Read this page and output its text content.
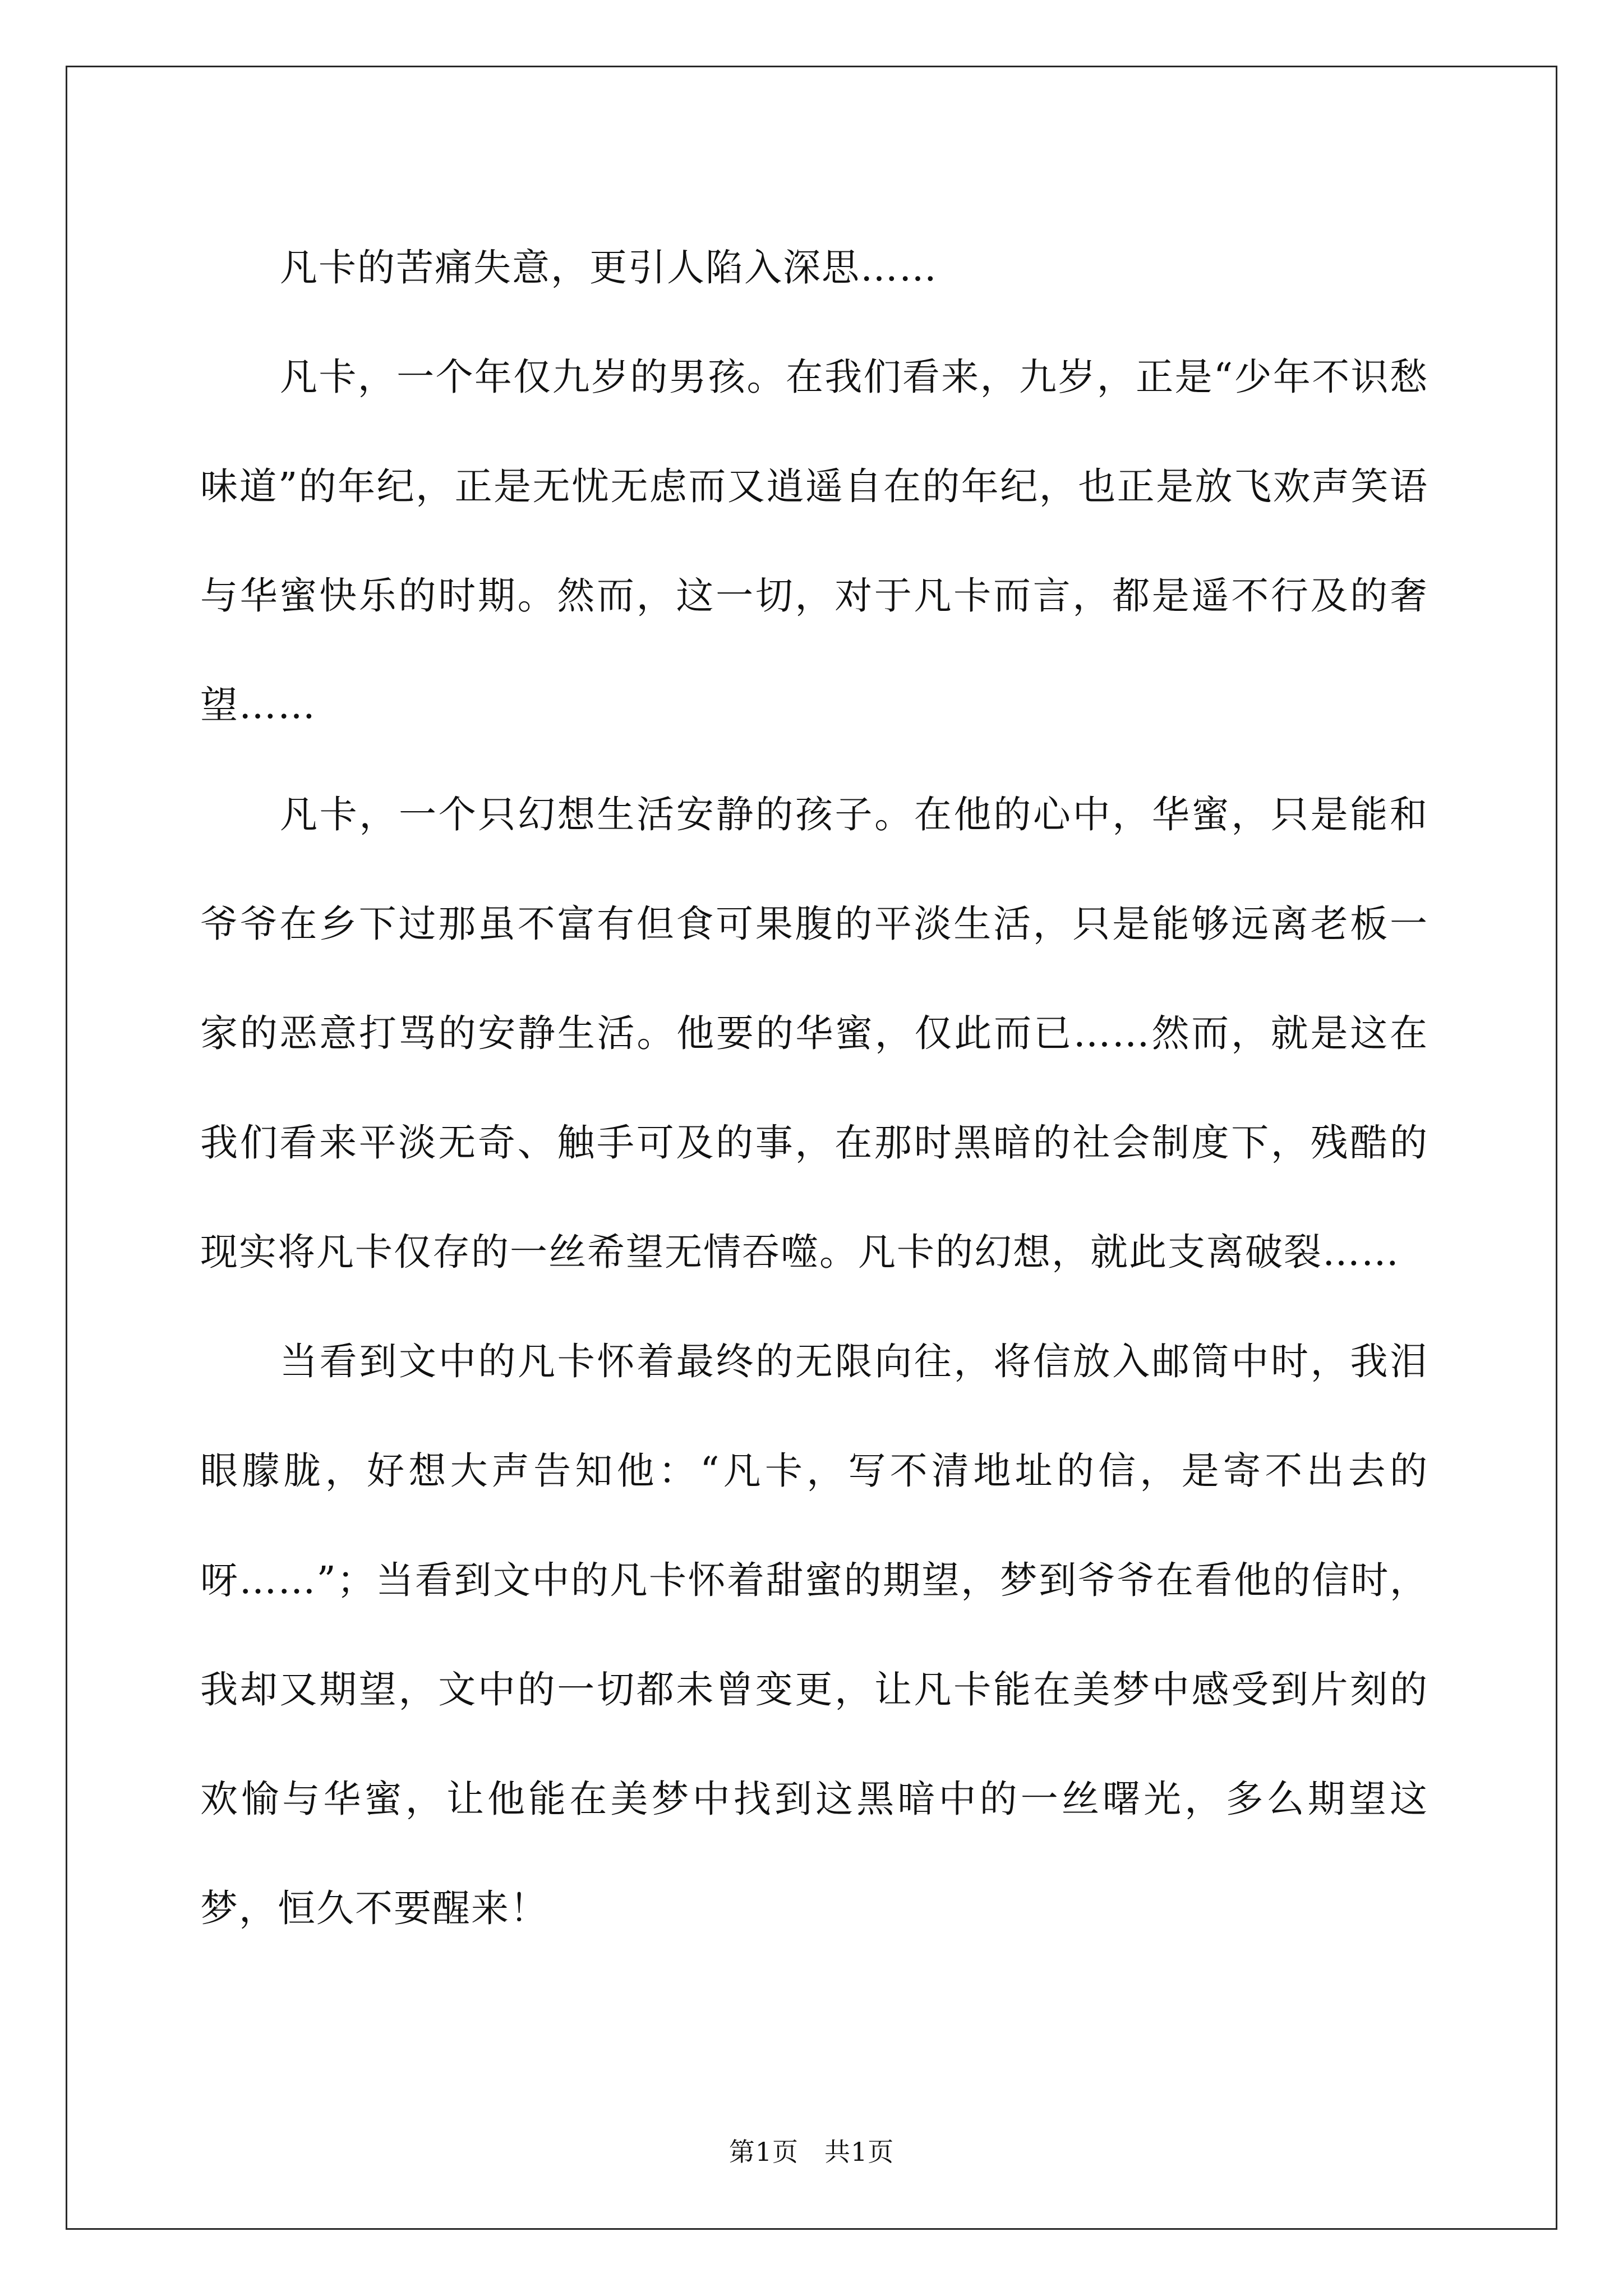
凡卡的苦痛失意，更引人陷入深思……

凡卡，一个年仅九岁的男孩。在我们看来，九岁，正是“少年不识愁味道”的年纪，正是无忧无虑而又逍遥自在的年纪，也正是放飞欢声笑语与华蜜快乐的时期。然而，这一切，对于凡卡而言，都是遥不行及的奢望……

凡卡，一个只幻想生活安静的孩子。在他的心中，华蜜，只是能和爷爷在乡下过那虽不富有但食可果腹的平淡生活，只是能够远离老板一家的恶意打骂的安静生活。他要的华蜜，仅此而已……然而，就是这在我们看来平淡无奇、触手可及的事，在那时黑暗的社会制度下，残酷的现实将凡卡仅存的一丝希望无情吞噬。凡卡的幻想，就此支离破裂……

当看到文中的凡卡怀着最终的无限向往，将信放入邮筒中时，我泪眼朦胧，好想大声告知他：“凡卡，写不清地址的信，是寄不出去的呀……”；当看到文中的凡卡怀着甜蜜的期望，梦到爷爷在看他的信时，我却又期望，文中的一切都未曾变更，让凡卡能在美梦中感受到片刻的欢愉与华蜜，让他能在美梦中找到这黑暗中的一丝曙光，多么期望这梦，恒久不要醒来！

第1页 共1页
